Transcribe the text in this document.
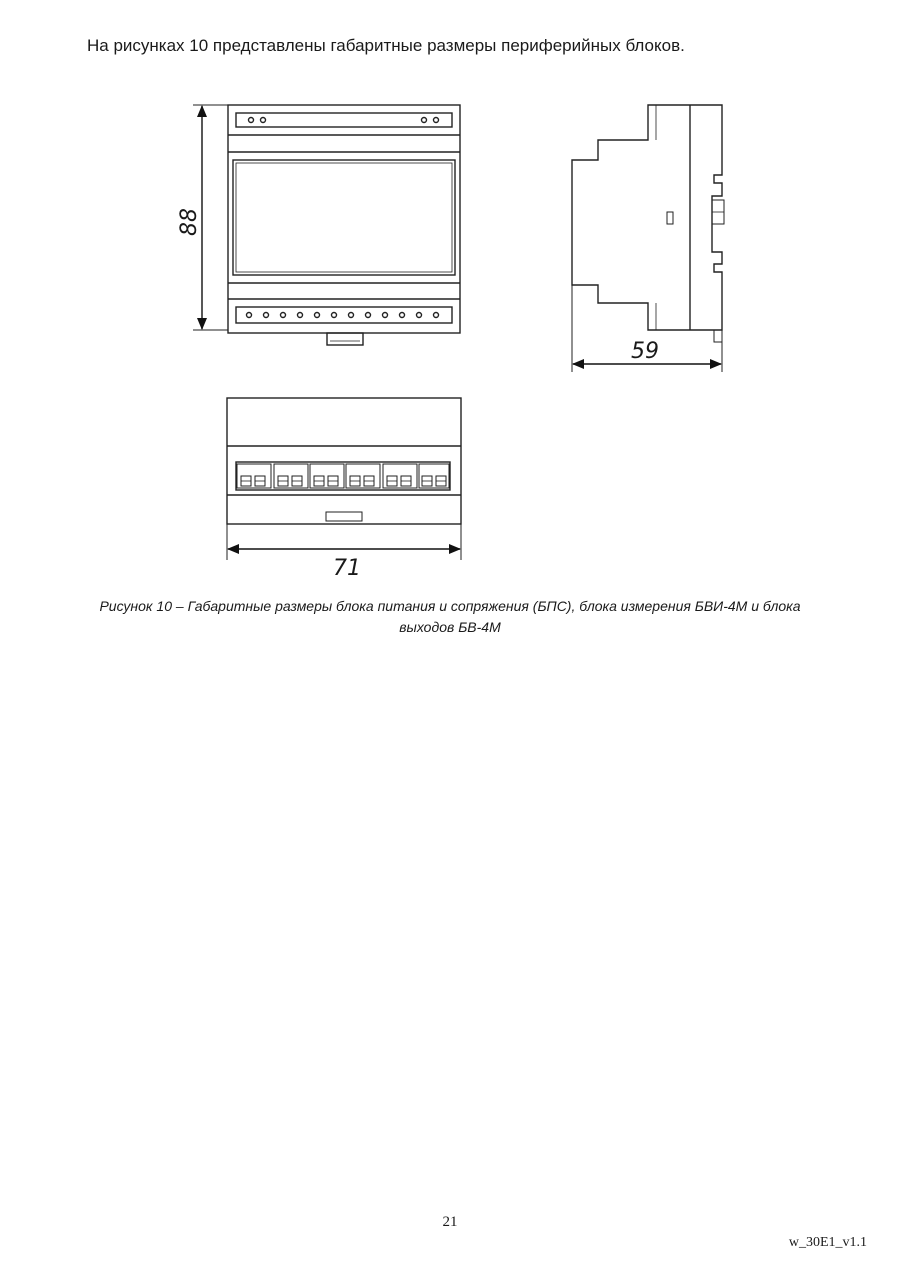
На рисунках 10 представлены габаритные размеры периферийных блоков.
88
59
71
Рисунок 10 – Габаритные размеры блока питания и сопряжения (БПС), блока измерения БВИ-4М и блока
выходов БВ-4М
21
w_30E1_v1.1
